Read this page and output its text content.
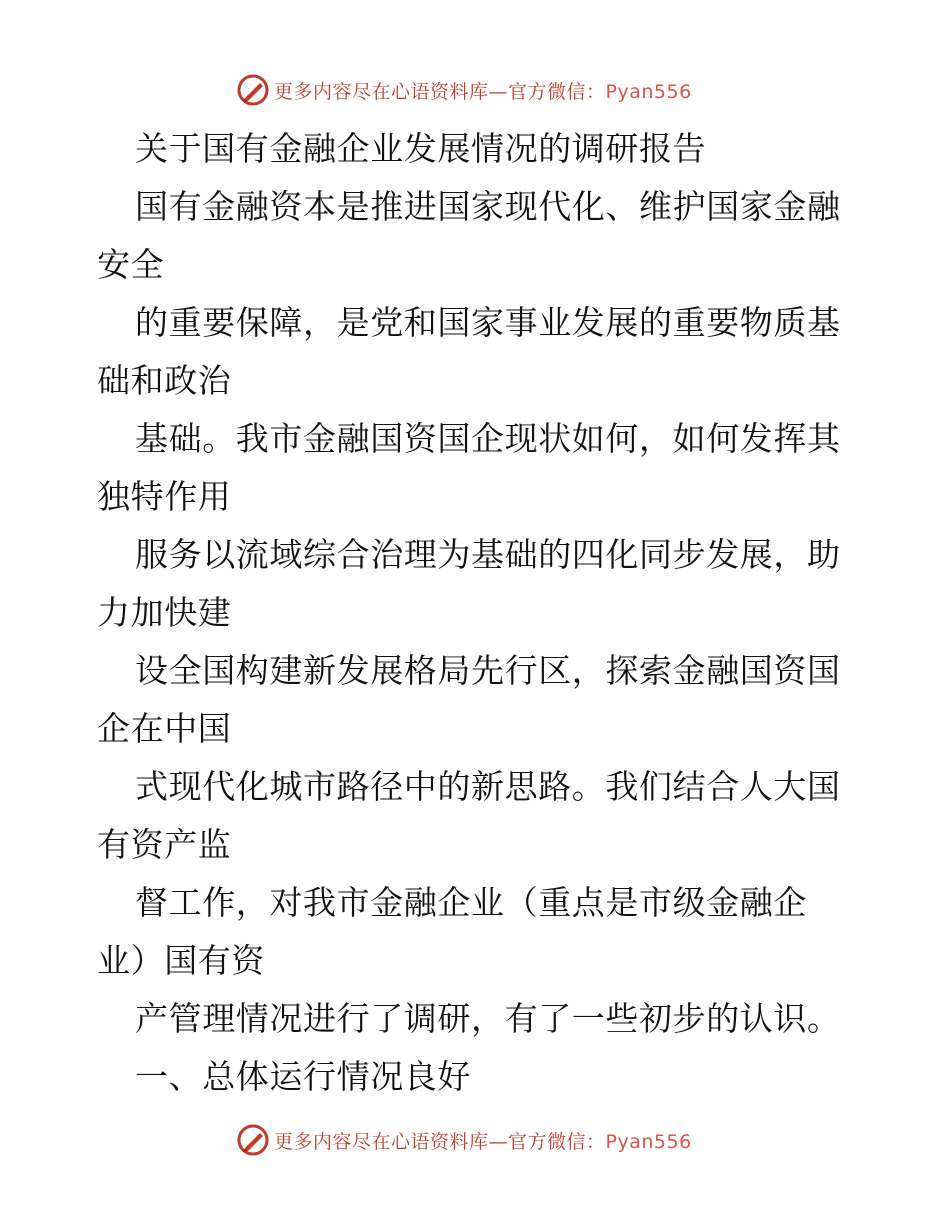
更多内容尽在心语资料库—官方微信：Pyan556
关于国有金融企业发展情况的调研报告
国有金融资本是推进国家现代化、维护国家金融
安全
的重要保障，是党和国家事业发展的重要物质基
础和政治
基础。我市金融国资国企现状如何，如何发挥其
独特作用
服务以流域综合治理为基础的四化同步发展，助
力加快建
设全国构建新发展格局先行区，探索金融国资国
企在中国
式现代化城市路径中的新思路。我们结合人大国
有资产监
督工作，对我市金融企业（重点是市级金融企
业）国有资
产管理情况进行了调研，有了一些初步的认识。
一、总体运行情况良好
更多内容尽在心语资料库—官方微信：Pyan556
